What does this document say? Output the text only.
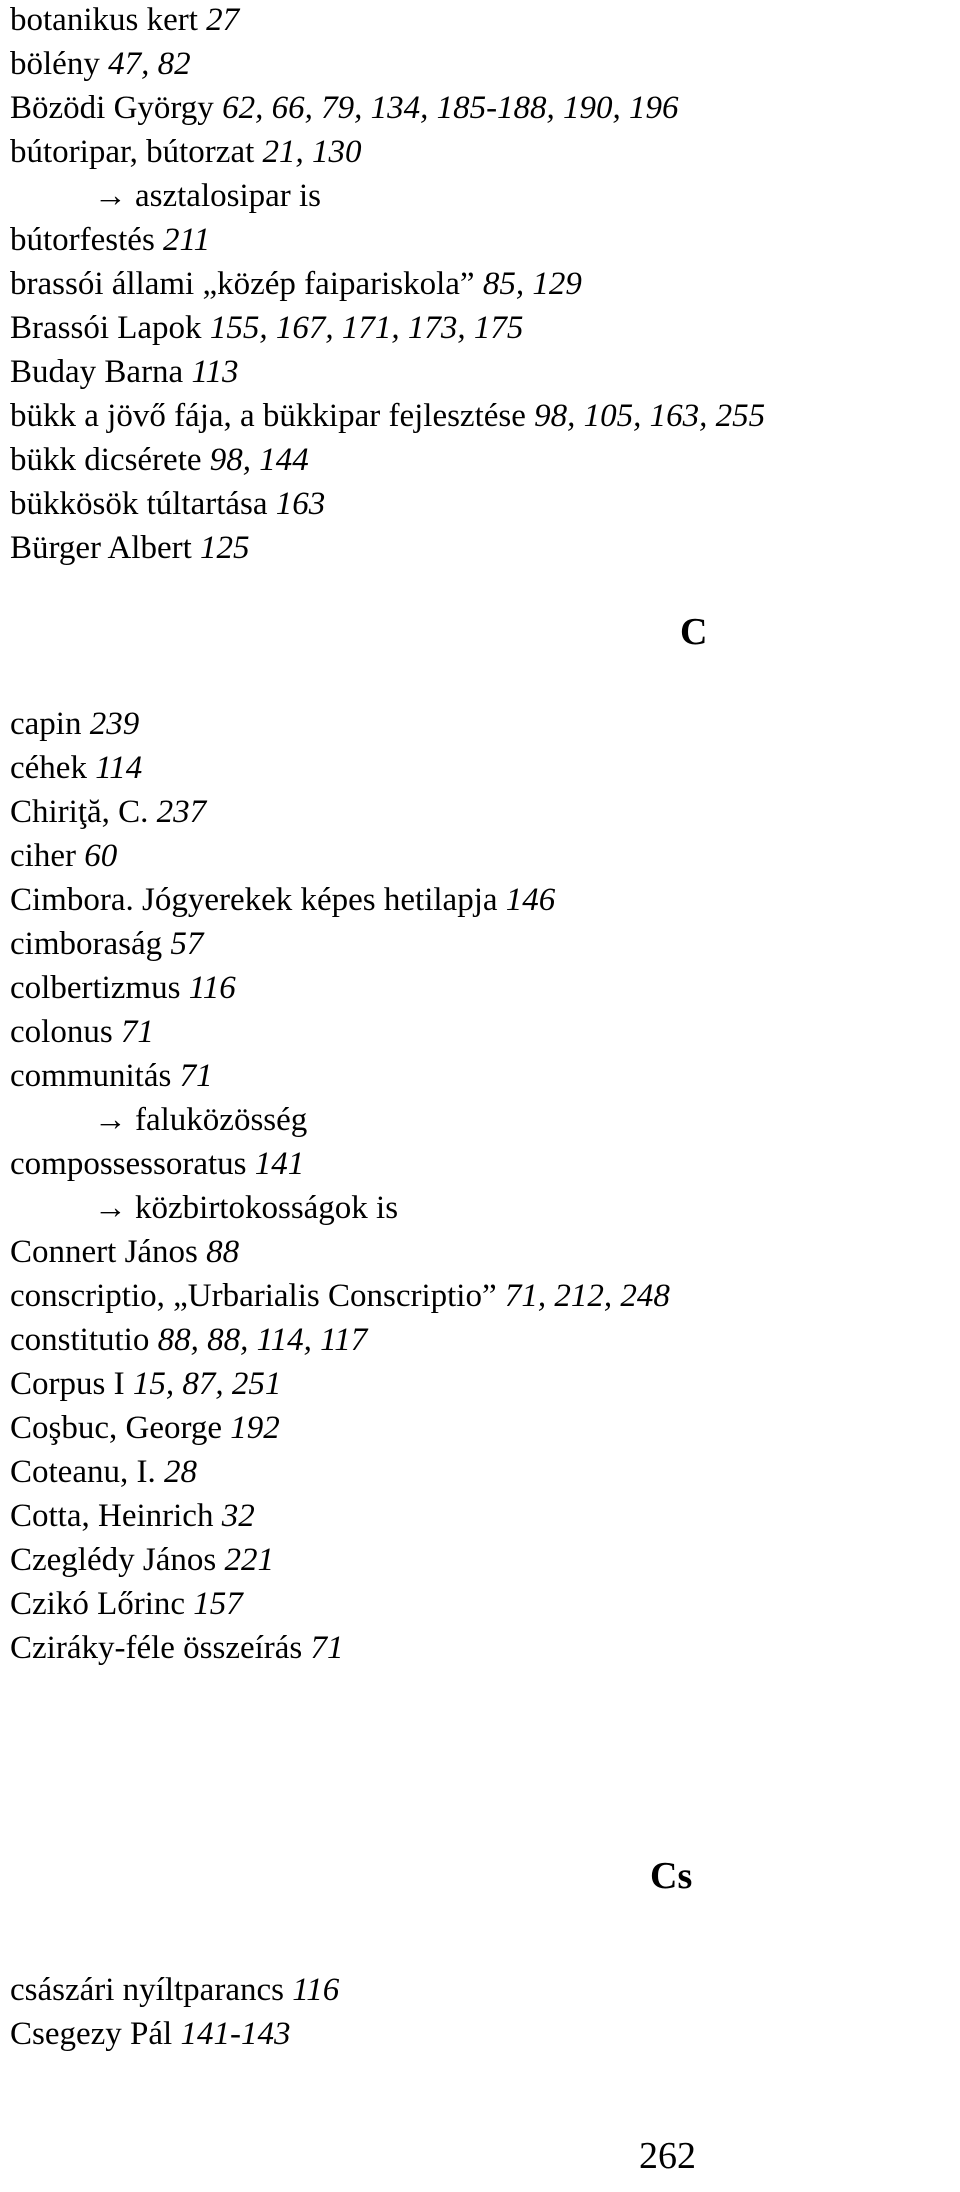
botanikus kert 27
bölény 47, 82
Bözödi György 62, 66, 79, 134, 185-188, 190, 196
bútoripar, bútorzat 21, 130
→ asztalosipar is
bútorfestés 211
brassói állami „közép faipariskola” 85, 129
Brassói Lapok 155, 167, 171, 173, 175
Buday Barna 113
bükk a jövő fája, a bükkipar fejlesztése 98, 105, 163, 255
bükk dicsérete 98, 144
bükkösök túltartása 163
Bürger Albert 125
C
capin 239
céhek 114
Chiriţă, C. 237
ciher 60
Cimbora. Jógyerekek képes hetilapja 146
cimboraság 57
colbertizmus 116
colonus 71
communitás 71
→ faluközösség
compossessoratus 141
→ közbirtokosságok is
Connert János 88
conscriptio, „Urbarialis Conscriptio” 71, 212, 248
constitutio 88, 88, 114, 117
Corpus I 15, 87, 251
Coşbuc, George 192
Coteanu, I. 28
Cotta, Heinrich 32
Czeglédy János 221
Czikó Lőrinc 157
Cziráky-féle összeírás 71
Cs
császári nyíltparancs 116
Csegezy Pál 141-143
262
